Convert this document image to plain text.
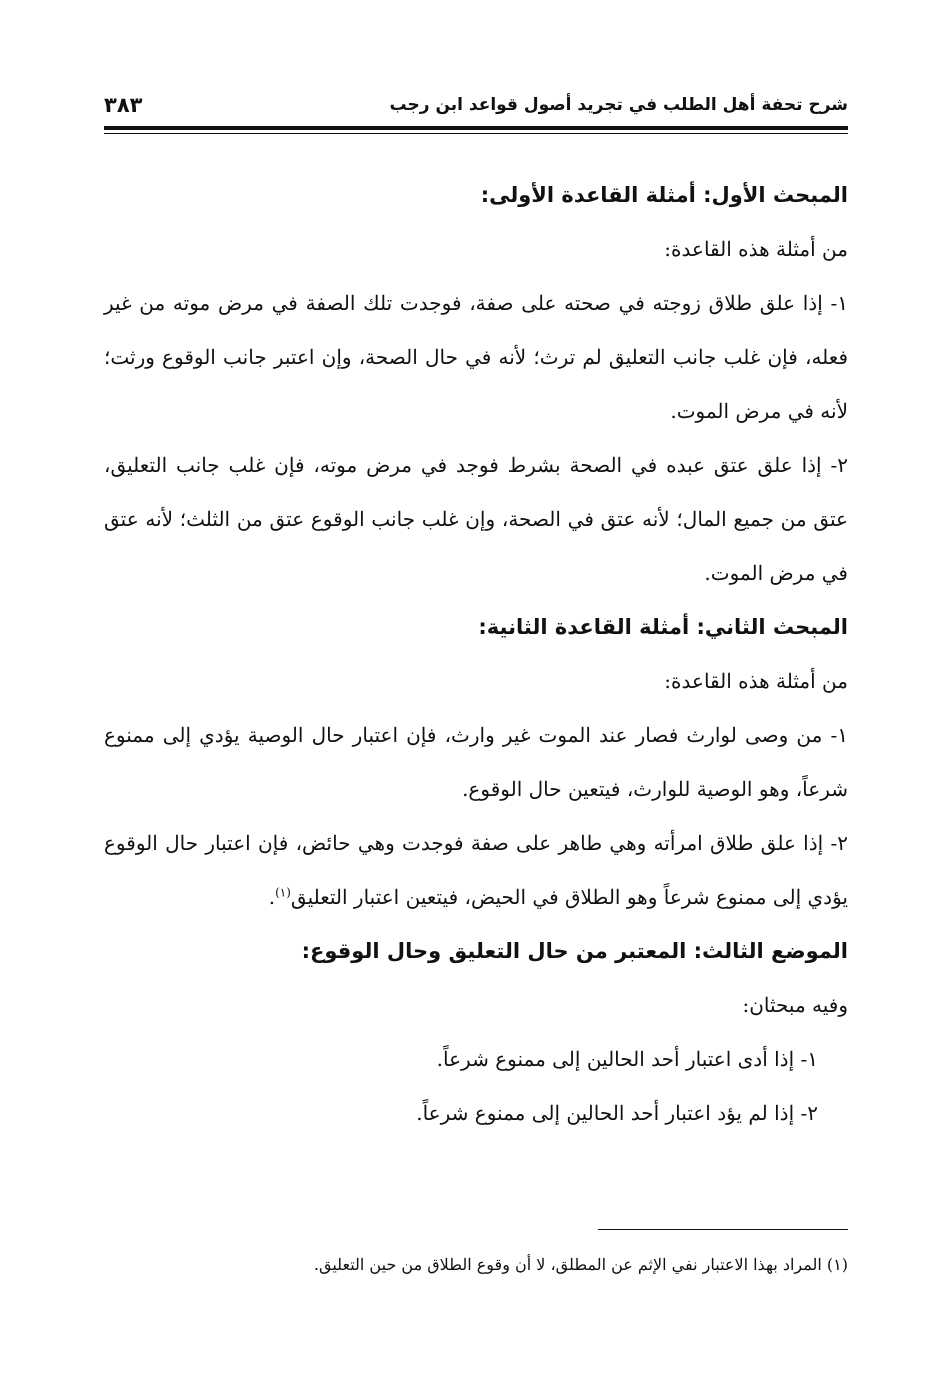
شرح تحفة أهل الطلب في تجريد أصول قواعد ابن رجب
٣٨٣

المبحث الأول: أمثلة القاعدة الأولى:

من أمثلة هذه القاعدة:

١- إذا علق طلاق زوجته في صحته على صفة، فوجدت تلك الصفة في مرض موته من غير فعله، فإن غلب جانب التعليق لم ترث؛ لأنه في حال الصحة، وإن اعتبر جانب الوقوع ورثت؛ لأنه في مرض الموت.

٢- إذا علق عتق عبده في الصحة بشرط فوجد في مرض موته، فإن غلب جانب التعليق، عتق من جميع المال؛ لأنه عتق في الصحة، وإن غلب جانب الوقوع عتق من الثلث؛ لأنه عتق في مرض الموت.

المبحث الثاني: أمثلة القاعدة الثانية:

من أمثلة هذه القاعدة:

١- من وصى لوارث فصار عند الموت غير وارث، فإن اعتبار حال الوصية يؤدي إلى ممنوع شرعاً، وهو الوصية للوارث، فيتعين حال الوقوع.

٢- إذا علق طلاق امرأته وهي طاهر على صفة فوجدت وهي حائض، فإن اعتبار حال الوقوع يؤدي إلى ممنوع شرعاً وهو الطلاق في الحيض، فيتعين اعتبار التعليق$^{(١)}$.

الموضع الثالث: المعتبر من حال التعليق وحال الوقوع:

وفيه مبحثان:

١- إذا أدى اعتبار أحد الحالين إلى ممنوع شرعاً.

٢- إذا لم يؤد اعتبار أحد الحالين إلى ممنوع شرعاً.

(١) المراد بهذا الاعتبار نفي الإثم عن المطلق، لا أن وقوع الطلاق من حين التعليق.
